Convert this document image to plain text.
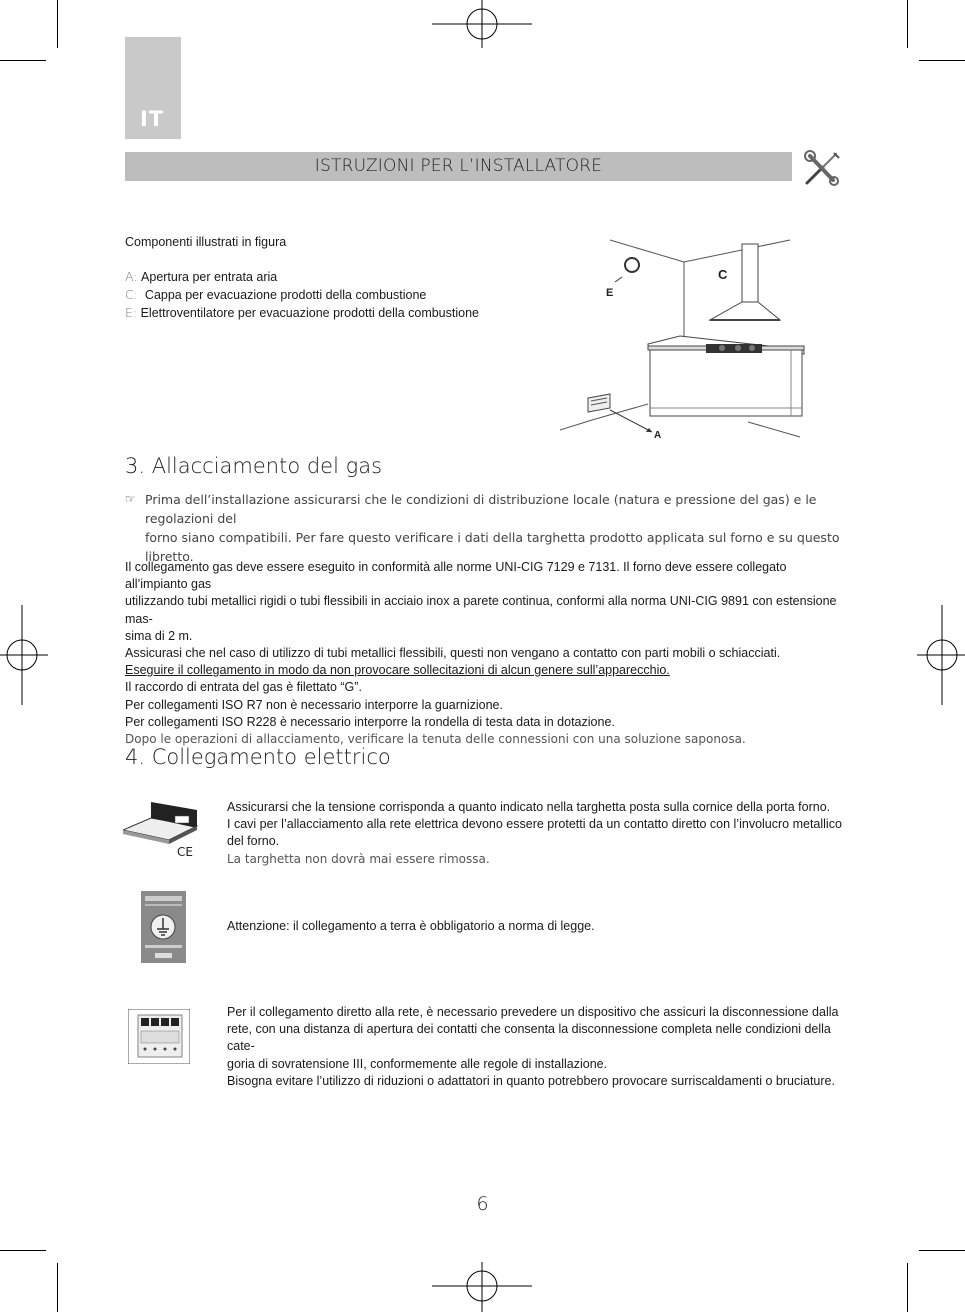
IT
ISTRUZIONI PER L’INSTALLATORE
Componenti illustrati in figura
A: Apertura per entrata aria
C:  Cappa per evacuazione prodotti della combustione
E: Elettroventilatore per evacuazione prodotti della combustione
E
C
A
3. Allacciamento del gas
☞ Prima dell’installazione assicurarsi che le condizioni di distribuzione locale (natura e pressione del gas) e le regolazioni del
forno siano compatibili. Per fare questo verificare i dati della targhetta prodotto applicata sul forno e su questo libretto.

Il collegamento gas deve essere eseguito in conformità alle norme UNI-CIG 7129 e 7131. Il forno deve essere collegato all’impianto gas

utilizzando tubi metallici rigidi o tubi flessibili in acciaio inox a parete continua, conformi alla norma UNI-CIG 9891 con estensione mas-

sima di 2 m.

Assicurasi che nel caso di utilizzo di tubi metallici flessibili, questi non vengano a contatto con parti mobili o schiacciati.

Eseguire il collegamento in modo da non provocare sollecitazioni di alcun genere sull’apparecchio.

Il raccordo di entrata del gas è filettato “G”.

Per collegamenti ISO R7 non è necessario interporre la guarnizione.

Per collegamenti ISO R228 è necessario interporre la rondella di testa data in dotazione.

Dopo le operazioni di allacciamento, verificare la tenuta delle connessioni con una soluzione saponosa.

4. Collegamento elettrico
CE

Assicurarsi che la tensione corrisponda a quanto indicato nella targhetta posta sulla cornice della porta forno.

I cavi per l’allacciamento alla rete elettrica devono essere protetti da un contatto diretto con l’involucro metallico del forno.

La targhetta non dovrà mai essere rimossa.

Attenzione: il collegamento a terra è obbligatorio a norma di legge.

Per il collegamento diretto alla rete, è necessario prevedere un dispositivo che assicuri la disconnessione dalla

rete, con una distanza di apertura dei contatti che consenta la disconnessione completa nelle condizioni della cate-

goria di sovratensione III, conformemente alle regole di installazione.

Bisogna evitare l’utilizzo di riduzioni o adattatori in quanto potrebbero provocare surriscaldamenti o bruciature.

6
